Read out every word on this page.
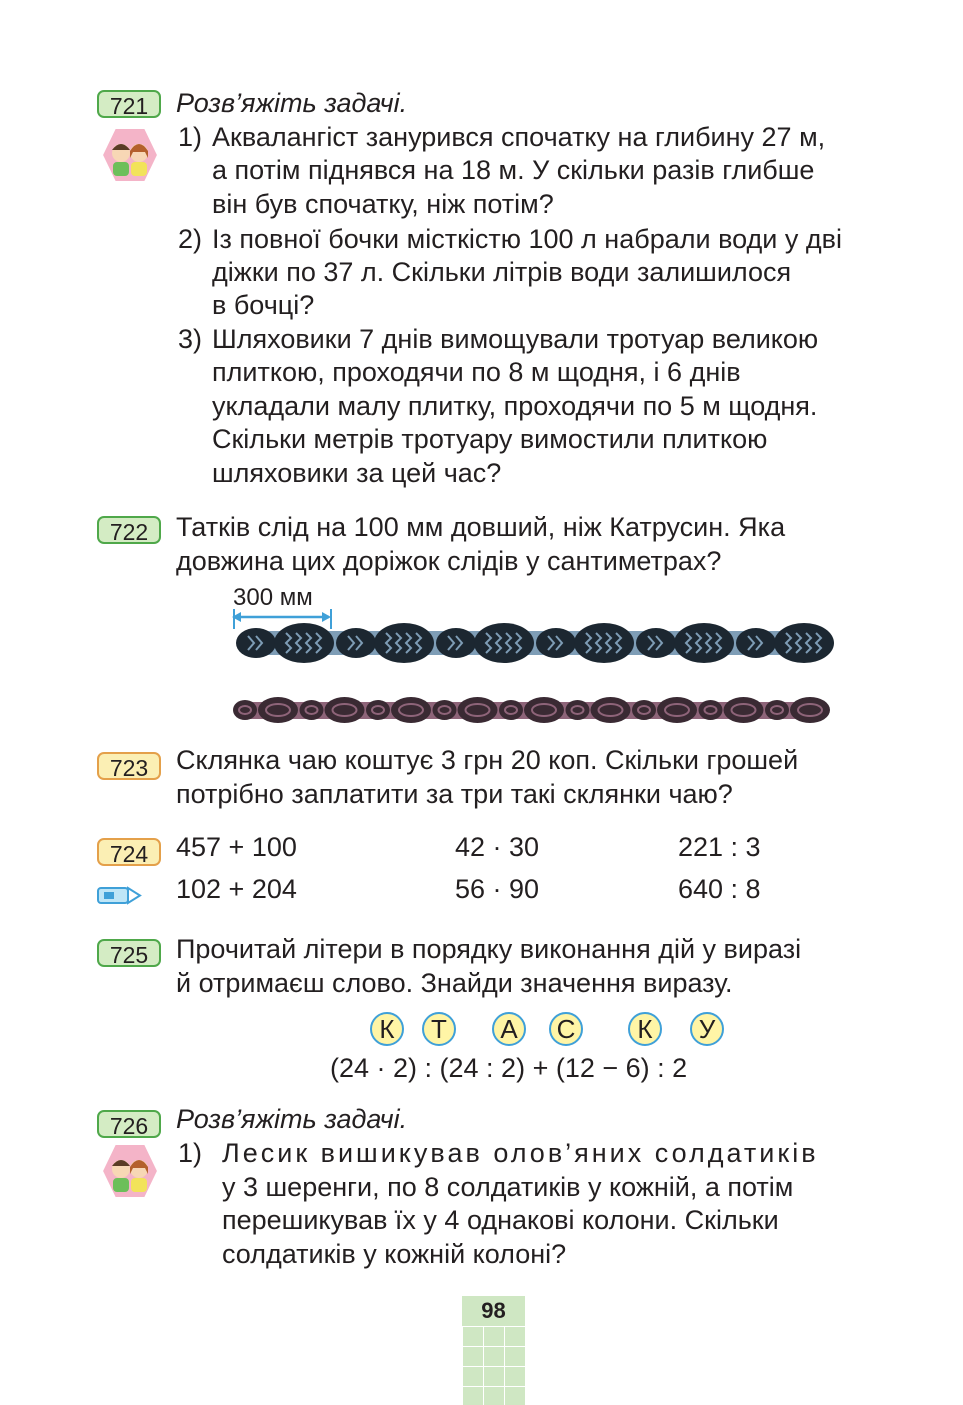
721	Розв’яжіть задачі.
1) Аквалангіст занурився спочатку на глибину 27 м,
а потім піднявся на 18 м. У скільки разів глибше
він був спочатку, ніж потім?
2) Із повної бочки місткістю 100 л набрали води у дві
діжки по 37 л. Скільки літрів води залишилося
в бочці?
3) Шляховики 7 днів вимощували тротуар великою
плиткою, проходячи по 8 м щодня, і 6 днів
укладали малу плитку, проходячи по 5 м щодня.
Скільки метрів тротуару вимостили плиткою
шляховики за цей час?
722	Татків слід на 100 мм довший, ніж Катрусин. Яка
довжина цих доріжок слідів у сантиметрах?
300 мм
723	Склянка чаю коштує 3 грн 20 коп. Скільки грошей
потрібно заплатити за три такі склянки чаю?
724	457 + 100	42 · 30	221 : 3
102 + 204	56 · 90	640 : 8
725	Прочитай літери в порядку виконання дій у виразі
й отримаєш слово. Знайди значення виразу.
К	Т	А	С	К	У
(24 · 2) : (24 : 2) + (12 − 6) : 2
726	Розв’яжіть задачі.
1) Лесик вишикував олов’яних солдатиків
у 3 шеренги, по 8 солдатиків у кожній, а потім
перешикував їх у 4 однакові колони. Скільки
солдатиків у кожній колоні?
98
